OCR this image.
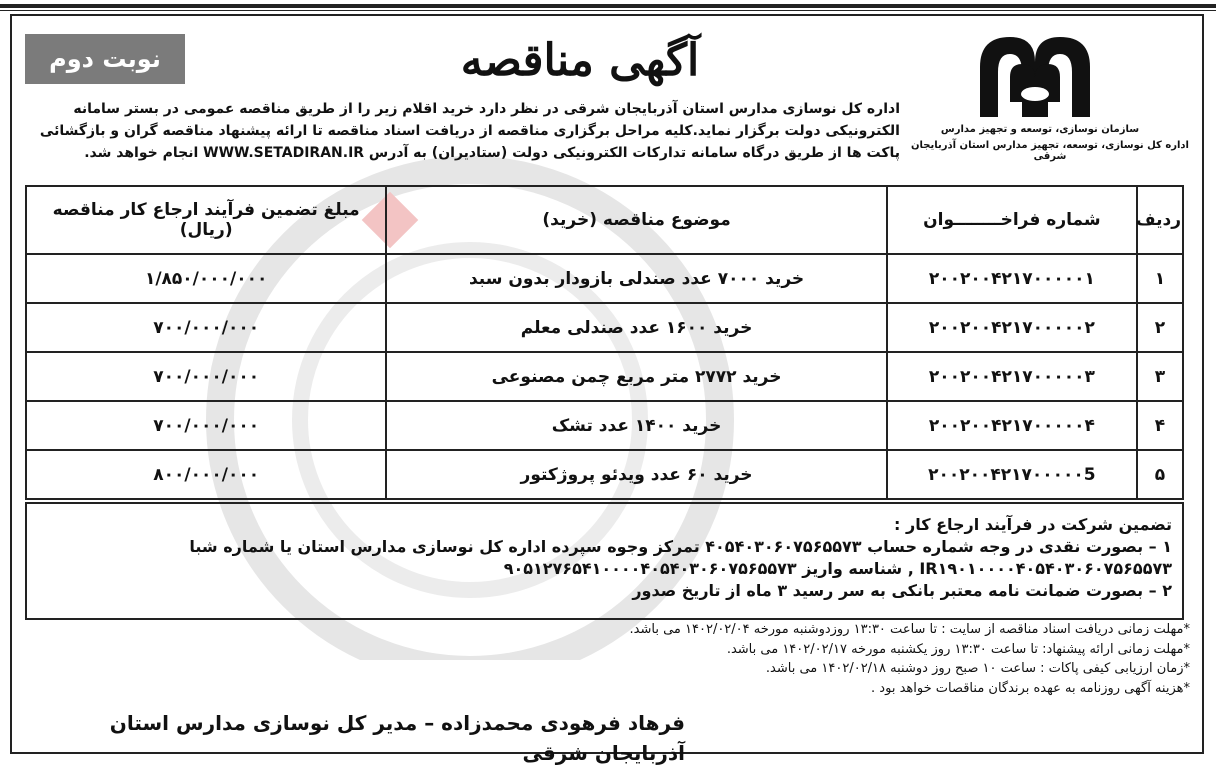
نوبت دوم	آگهی مناقصه
سازمان نوسازی، توسعه و تجهیز مدارس
اداره کل نوسازی، توسعه، تجهیز مدارس استان آذربایجان شرقی
اداره کل نوسازی مدارس استان آذربایجان شرقی در نظر دارد خرید اقلام زیر را از طریق مناقصه عمومی در بستر سامانه الکترونیکی دولت برگزار نماید.کلیه مراحل برگزاری مناقصه از دریافت اسناد مناقصه تا ارائه پیشنهاد مناقصه گران و بازگشائی پاکت ها از طریق درگاه سامانه تدارکات الکترونیکی دولت (ستادیران) به آدرس WWW.SETADIRAN.IR انجام خواهد شد.
ردیف	شماره فراخــــــــوان	موضوع مناقصه (خرید)	مبلغ تضمین فرآیند ارجاع کار مناقصه (ریال)
۱	۲۰۰۲۰۰۴۲۱۷۰۰۰۰۰۱	خرید ۷۰۰۰ عدد صندلی بازودار بدون سبد	۱/۸۵۰/۰۰۰/۰۰۰
۲	۲۰۰۲۰۰۴۲۱۷۰۰۰۰۰۲	خرید ۱۶۰۰ عدد صندلی معلم	۷۰۰/۰۰۰/۰۰۰
۳	۲۰۰۲۰۰۴۲۱۷۰۰۰۰۰۳	خرید ۲۷۷۲ متر مربع چمن مصنوعی	۷۰۰/۰۰۰/۰۰۰
۴	۲۰۰۲۰۰۴۲۱۷۰۰۰۰۰۴	خرید ۱۴۰۰ عدد تشک	۷۰۰/۰۰۰/۰۰۰
۵	۲۰۰۲۰۰۴۲۱۷۰۰۰۰۰5	خرید ۶۰ عدد ویدئو پروژکتور	۸۰۰/۰۰۰/۰۰۰
تضمین شرکت در فرآیند ارجاع کار :
۱ – بصورت نقدی در وجه شماره حساب ۴۰۵۴۰۳۰۶۰۷۵۶۵۵۷۳ تمرکز وجوه سپرده اداره کل نوسازی مدارس استان یا شماره شبا
IR۱۹۰۱۰۰۰۰۴۰۵۴۰۳۰۶۰۷۵۶۵۵۷۳ , شناسه واریز ۹۰۵۱۲۷۶۵۴۱۰۰۰۰۴۰۵۴۰۳۰۶۰۷۵۶۵۵۷۳
۲ – بصورت ضمانت نامه معتبر بانکی به سر رسید ۳ ماه از تاریخ صدور
*مهلت زمانی دریافت اسناد مناقصه از سایت : تا ساعت ۱۳:۳۰ روزدوشنبه مورخه ۱۴۰۲/۰۲/۰۴ می باشد.
*مهلت زمانی ارائه پیشنهاد: تا ساعت ۱۳:۳۰ روز یکشنبه مورخه ۱۴۰۲/۰۲/۱۷ می باشد.
*زمان ارزیابی کیفی پاکات : ساعت ۱۰ صبح روز دوشنبه ۱۴۰۲/۰۲/۱۸ می باشد.
*هزینه آگهی روزنامه به عهده برندگان مناقصات خواهد بود .
فرهاد فرهودی محمدزاده – مدیر کل نوسازی مدارس استان آذربایجان شرقی
